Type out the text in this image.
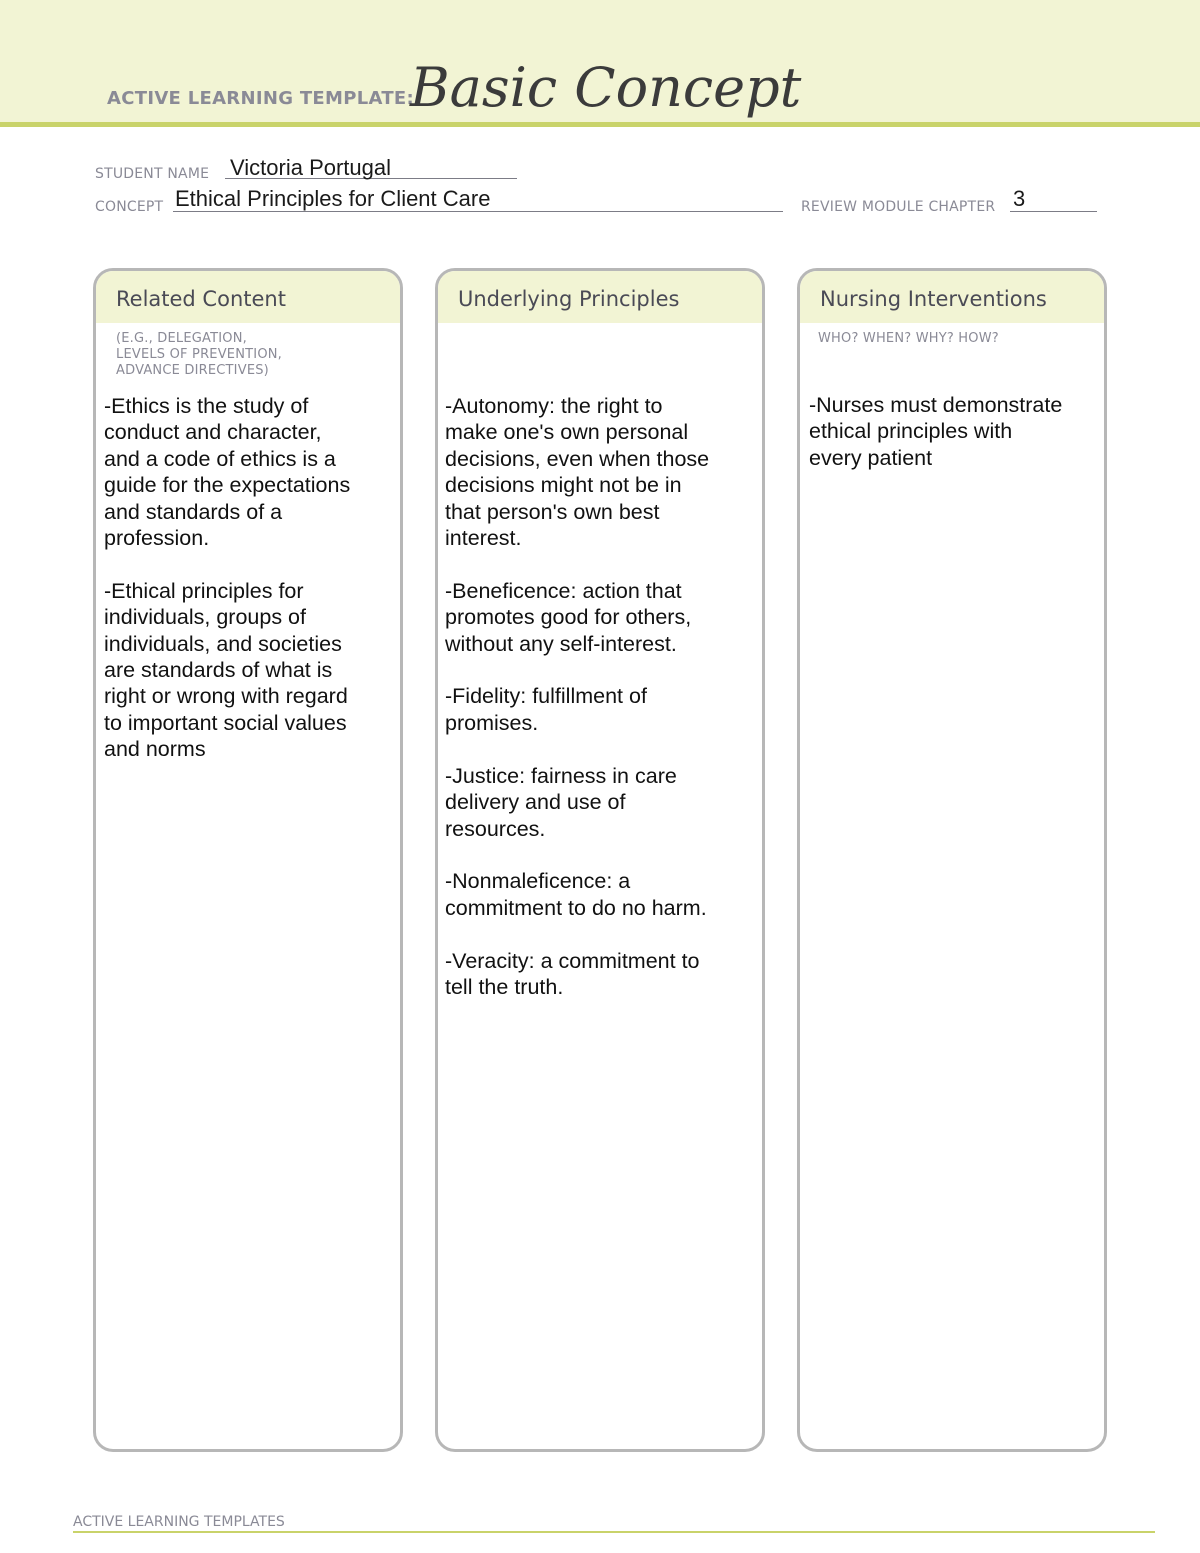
ACTIVE LEARNING TEMPLATE:
Basic Concept
STUDENT NAME Victoria Portugal
CONCEPT Ethical Principles for Client Care	REVIEW MODULE CHAPTER 3
Related Content
(E.G., DELEGATION,
LEVELS OF PREVENTION,
ADVANCE DIRECTIVES)
-Ethics is the study of
conduct and character,
and a code of ethics is a
guide for the expectations
and standards of a
profession.

-Ethical principles for
individuals, groups of
individuals, and societies
are standards of what is
right or wrong with regard
to important social values
and norms
Underlying Principles
-Autonomy: the right to
make one's own personal
decisions, even when those
decisions might not be in
that person's own best
interest.

-Beneficence: action that
promotes good for others,
without any self-interest.

-Fidelity: fulfillment of
promises.

-Justice: fairness in care
delivery and use of
resources.

-Nonmaleficence: a
commitment to do no harm.

-Veracity: a commitment to
tell the truth.
Nursing Interventions
WHO? WHEN? WHY? HOW?
-Nurses must demonstrate
ethical principles with
every patient
ACTIVE LEARNING TEMPLATES
